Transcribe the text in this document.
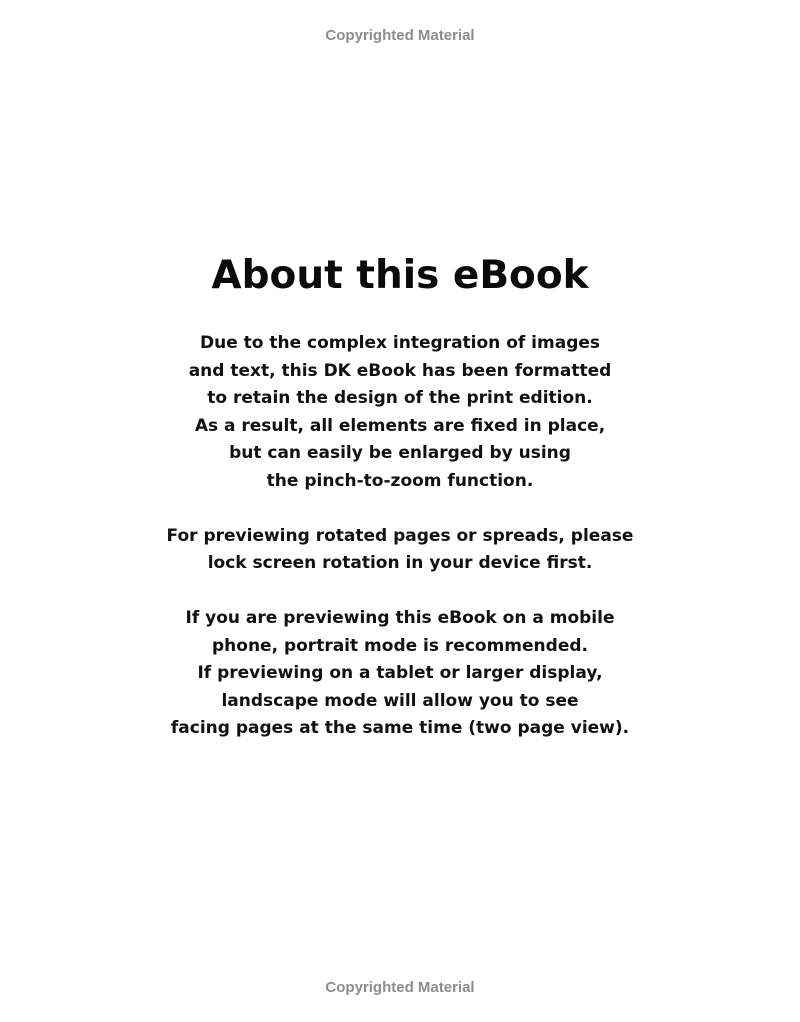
Copyrighted Material
About this eBook

Due to the complex integration of images
and text, this DK eBook has been formatted
to retain the design of the print edition.
As a result, all elements are fixed in place,
but can easily be enlarged by using
the pinch-to-zoom function.

For previewing rotated pages or spreads, please
lock screen rotation in your device first.

If you are previewing this eBook on a mobile
phone, portrait mode is recommended.
If previewing on a tablet or larger display,
landscape mode will allow you to see
facing pages at the same time (two page view).

Copyrighted Material
